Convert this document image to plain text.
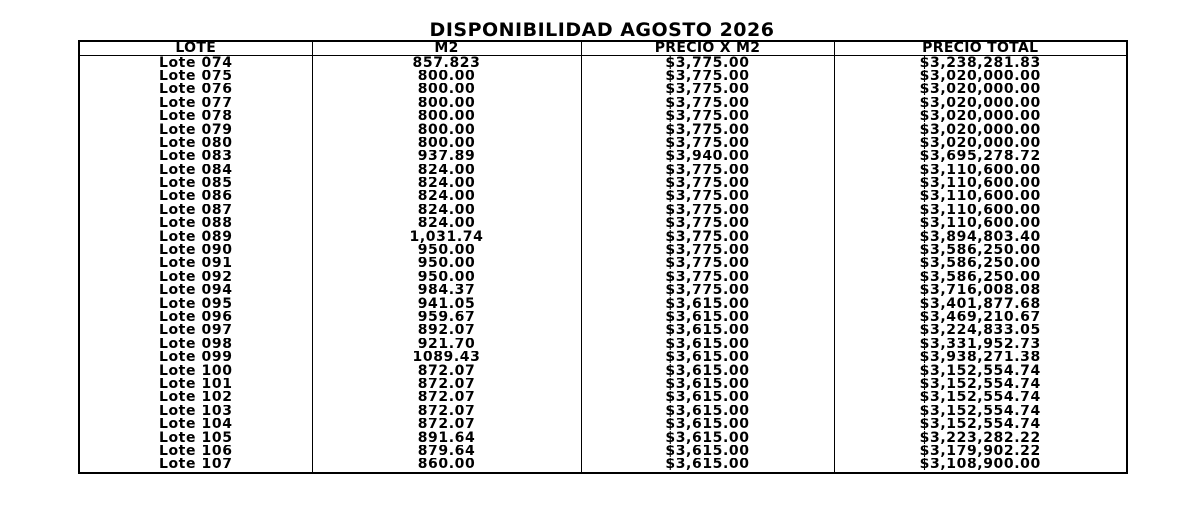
DISPONIBILIDAD AGOSTO 2026
LOTE	M2	PRECIO X M2	PRECIO TOTAL
Lote 074	857.823	$3,775.00	$3,238,281.83
Lote 075	800.00	$3,775.00	$3,020,000.00
Lote 076	800.00	$3,775.00	$3,020,000.00
Lote 077	800.00	$3,775.00	$3,020,000.00
Lote 078	800.00	$3,775.00	$3,020,000.00
Lote 079	800.00	$3,775.00	$3,020,000.00
Lote 080	800.00	$3,775.00	$3,020,000.00
Lote 083	937.89	$3,940.00	$3,695,278.72
Lote 084	824.00	$3,775.00	$3,110,600.00
Lote 085	824.00	$3,775.00	$3,110,600.00
Lote 086	824.00	$3,775.00	$3,110,600.00
Lote 087	824.00	$3,775.00	$3,110,600.00
Lote 088	824.00	$3,775.00	$3,110,600.00
Lote 089	1,031.74	$3,775.00	$3,894,803.40
Lote 090	950.00	$3,775.00	$3,586,250.00
Lote 091	950.00	$3,775.00	$3,586,250.00
Lote 092	950.00	$3,775.00	$3,586,250.00
Lote 094	984.37	$3,775.00	$3,716,008.08
Lote 095	941.05	$3,615.00	$3,401,877.68
Lote 096	959.67	$3,615.00	$3,469,210.67
Lote 097	892.07	$3,615.00	$3,224,833.05
Lote 098	921.70	$3,615.00	$3,331,952.73
Lote 099	1089.43	$3,615.00	$3,938,271.38
Lote 100	872.07	$3,615.00	$3,152,554.74
Lote 101	872.07	$3,615.00	$3,152,554.74
Lote 102	872.07	$3,615.00	$3,152,554.74
Lote 103	872.07	$3,615.00	$3,152,554.74
Lote 104	872.07	$3,615.00	$3,152,554.74
Lote 105	891.64	$3,615.00	$3,223,282.22
Lote 106	879.64	$3,615.00	$3,179,902.22
Lote 107	860.00	$3,615.00	$3,108,900.00
